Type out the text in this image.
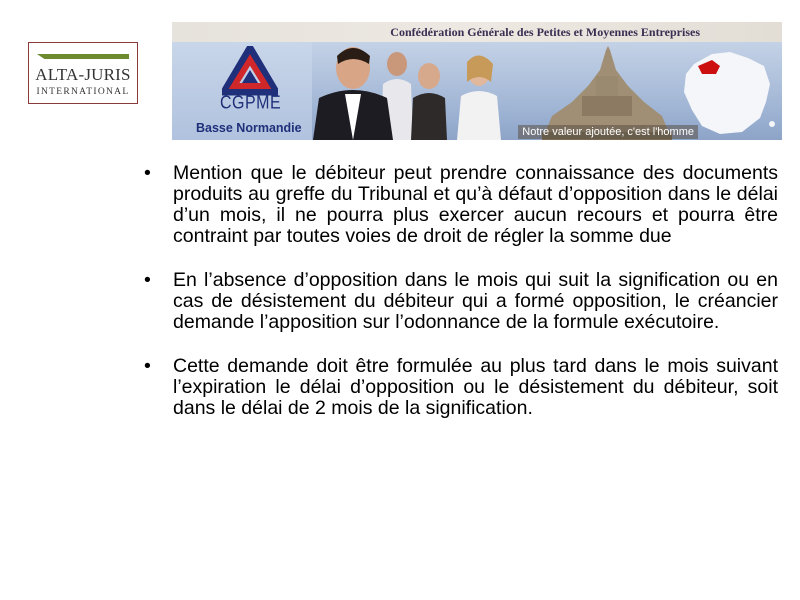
ALTA-JURIS
INTERNATIONAL
Confédération Générale des Petites et Moyennes Entreprises
CGPME
Basse Normandie	Notre valeur ajoutée, c'est l'homme
• Mention que le débiteur peut prendre connaissance des documents produits au greffe du Tribunal et qu’à défaut d’opposition dans le délai d’un mois, il ne pourra plus exercer aucun recours et pourra être contraint par toutes voies de droit de régler la somme due
• En l’absence d’opposition dans le mois qui suit la signification ou en cas de désistement du débiteur qui a formé opposition, le créancier demande l’apposition sur l’odonnance de la formule exécutoire.
• Cette demande doit être formulée au plus tard dans le mois suivant l’expiration le délai d’opposition ou le désistement du débiteur, soit dans le délai de 2 mois de la signification.
